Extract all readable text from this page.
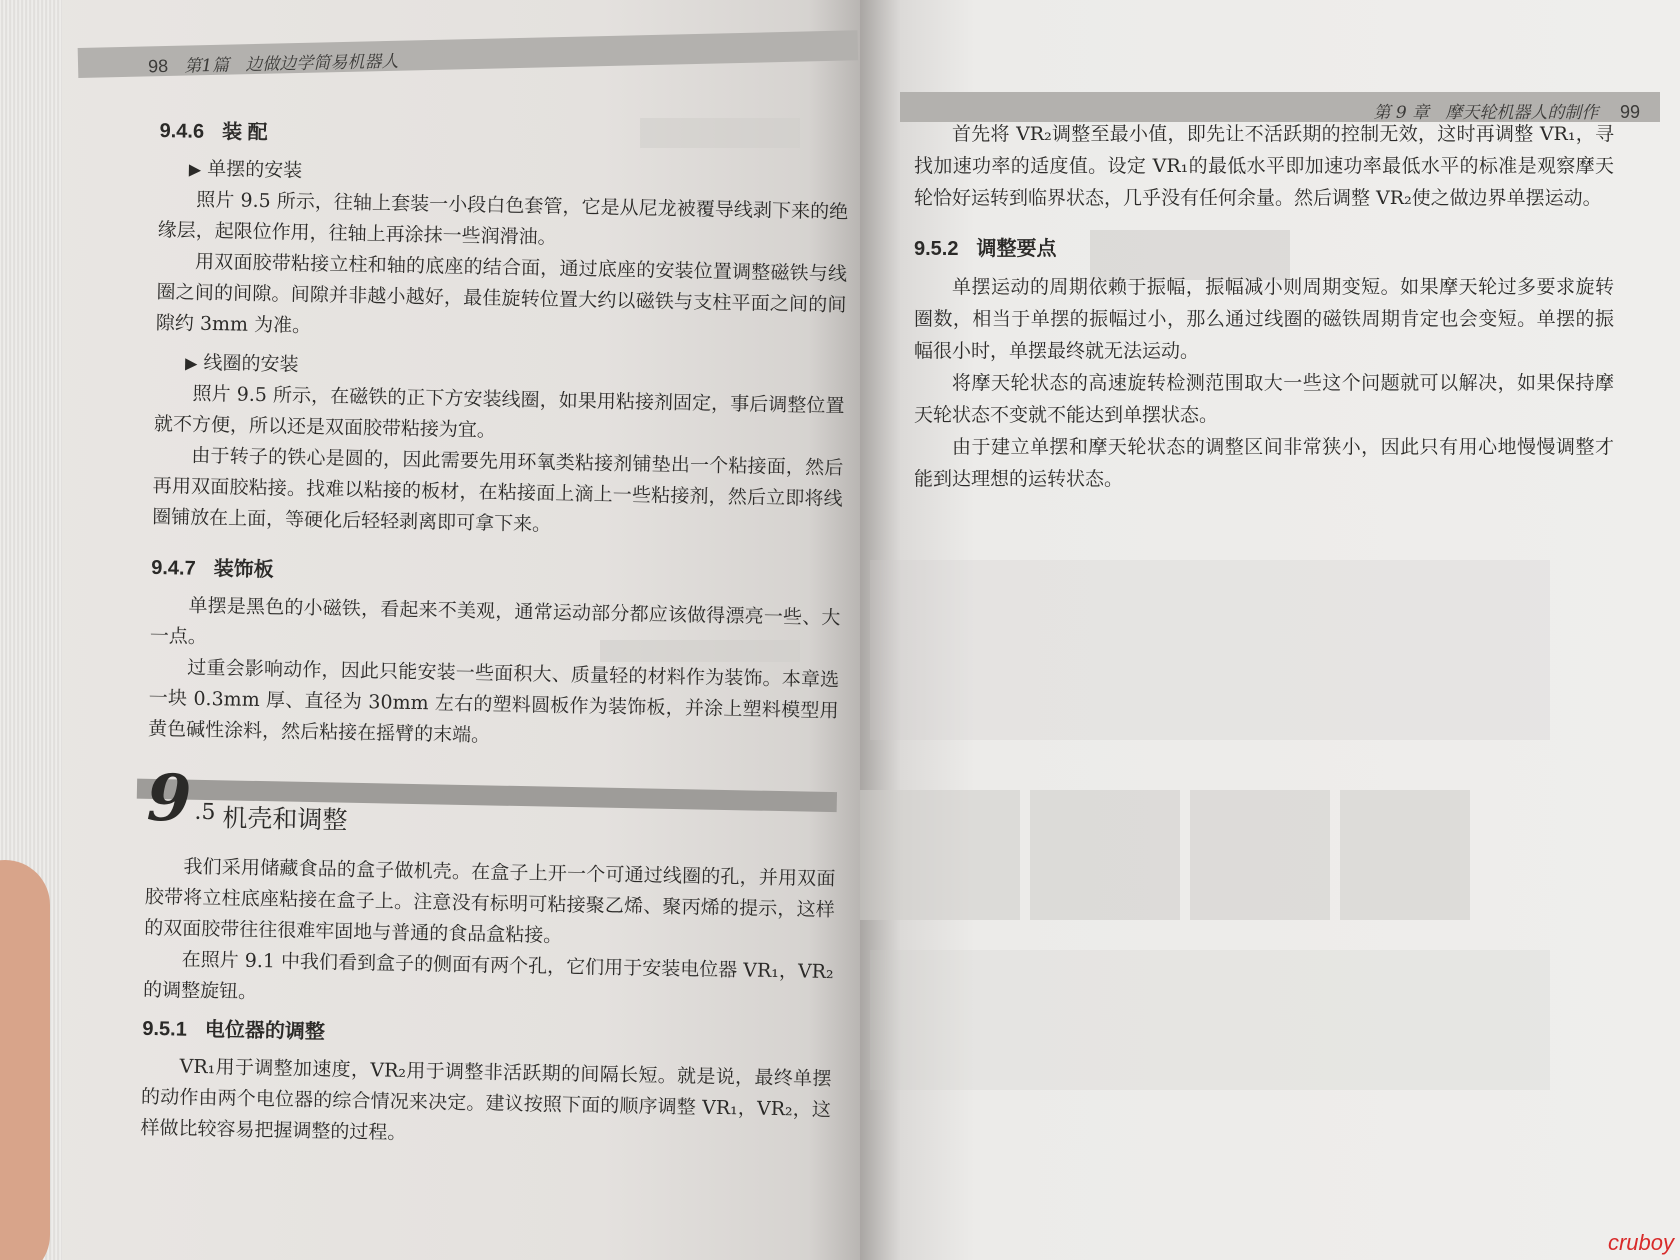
98 第1篇 边做边学简易机器人
9.4.6 装 配
▶ 单摆的安装

照片 9.5 所示，往轴上套装一小段白色套管，它是从尼龙被覆导线剥下来的绝缘层，起限位作用，往轴上再涂抹一些润滑油。

用双面胶带粘接立柱和轴的底座的结合面，通过底座的安装位置调整磁铁与线圈之间的间隙。间隙并非越小越好，最佳旋转位置大约以磁铁与支柱平面之间的间隙约 3mm 为准。

▶ 线圈的安装

照片 9.5 所示，在磁铁的正下方安装线圈，如果用粘接剂固定，事后调整位置就不方便，所以还是双面胶带粘接为宜。

由于转子的铁心是圆的，因此需要先用环氧类粘接剂铺垫出一个粘接面，然后再用双面胶粘接。找难以粘接的板材，在粘接面上滴上一些粘接剂，然后立即将线圈铺放在上面，等硬化后轻轻剥离即可拿下来。

9.4.7 装饰板

单摆是黑色的小磁铁，看起来不美观，通常运动部分都应该做得漂亮一些、大一点。

过重会影响动作，因此只能安装一些面积大、质量轻的材料作为装饰。本章选一块 0.3mm 厚、直径为 30mm 左右的塑料圆板作为装饰板，并涂上塑料模型用黄色碱性涂料，然后粘接在摇臂的末端。

9 .5 机壳和调整

我们采用储藏食品的盒子做机壳。在盒子上开一个可通过线圈的孔，并用双面胶带将立柱底座粘接在盒子上。注意没有标明可粘接聚乙烯、聚丙烯的提示，这样的双面胶带往往很难牢固地与普通的食品盒粘接。

在照片 9.1 中我们看到盒子的侧面有两个孔，它们用于安装电位器 VR₁，VR₂ 的调整旋钮。

9.5.1 电位器的调整

VR₁用于调整加速度，VR₂用于调整非活跃期的间隔长短。就是说，最终单摆的动作由两个电位器的综合情况来决定。建议按照下面的顺序调整 VR₁，VR₂，这样做比较容易把握调整的过程。

第 9 章 摩天轮机器人的制作 99

首先将 VR₂调整至最小值，即先让不活跃期的控制无效，这时再调整 VR₁，寻找加速功率的适度值。设定 VR₁的最低水平即加速功率最低水平的标准是观察摩天轮恰好运转到临界状态，几乎没有任何余量。然后调整 VR₂使之做边界单摆运动。

9.5.2 调整要点

单摆运动的周期依赖于振幅，振幅减小则周期变短。如果摩天轮过多要求旋转圈数，相当于单摆的振幅过小，那么通过线圈的磁铁周期肯定也会变短。单摆的振幅很小时，单摆最终就无法运动。

将摩天轮状态的高速旋转检测范围取大一些这个问题就可以解决，如果保持摩天轮状态不变就不能达到单摆状态。

由于建立单摆和摩天轮状态的调整区间非常狭小，因此只有用心地慢慢调整才能到达理想的运转状态。

cruboy
